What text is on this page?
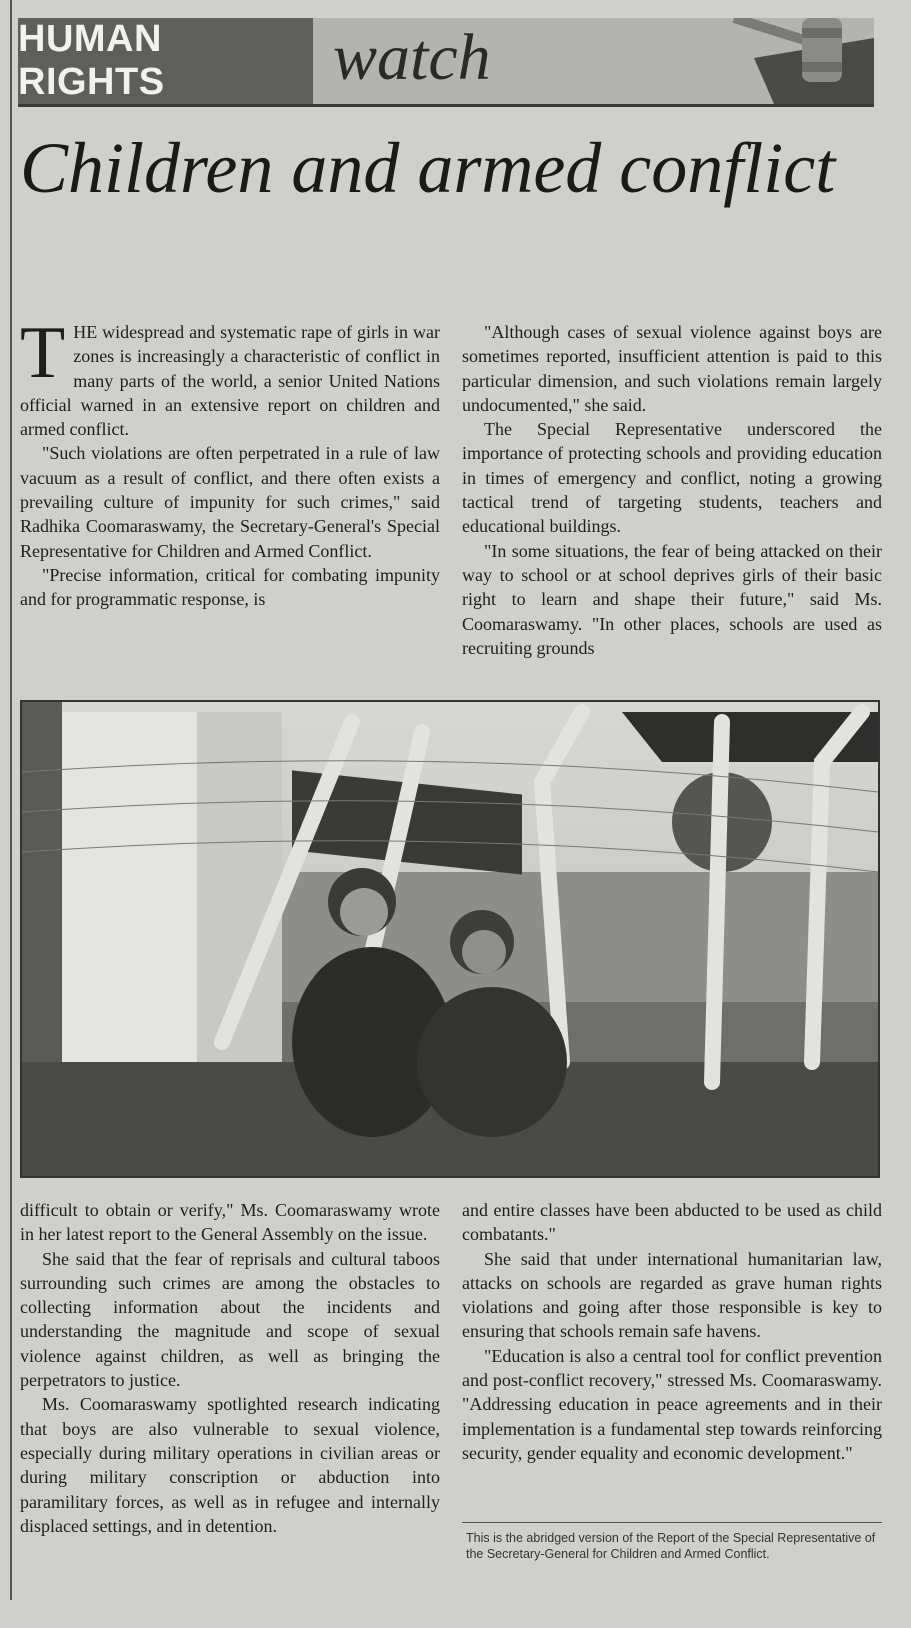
HUMAN RIGHTS	watch
Children and armed conflict

THE widespread and systematic rape of girls in war zones is increasingly a characteristic of conflict in many parts of the world, a senior United Nations official warned in an extensive report on children and armed conflict.

"Such violations are often perpetrated in a rule of law vacuum as a result of conflict, and there often exists a prevailing culture of impunity for such crimes," said Radhika Coomaraswamy, the Secretary-General's Special Representative for Children and Armed Conflict.

"Precise information, critical for combating impunity and for programmatic response, is

"Although cases of sexual violence against boys are sometimes reported, insufficient attention is paid to this particular dimension, and such violations remain largely undocumented," she said.

The Special Representative underscored the importance of protecting schools and providing education in times of emergency and conflict, noting a growing tactical trend of targeting students, teachers and educational buildings.

"In some situations, the fear of being attacked on their way to school or at school deprives girls of their basic right to learn and shape their future," said Ms. Coomaraswamy. "In other places, schools are used as recruiting grounds

difficult to obtain or verify," Ms. Coomaraswamy wrote in her latest report to the General Assembly on the issue.

She said that the fear of reprisals and cultural taboos surrounding such crimes are among the obstacles to collecting information about the incidents and understanding the magnitude and scope of sexual violence against children, as well as bringing the perpetrators to justice.

Ms. Coomaraswamy spotlighted research indicating that boys are also vulnerable to sexual violence, especially during military operations in civilian areas or during military conscription or abduction into paramilitary forces, as well as in refugee and internally displaced settings, and in detention.

and entire classes have been abducted to be used as child combatants."

She said that under international humanitarian law, attacks on schools are regarded as grave human rights violations and going after those responsible is key to ensuring that schools remain safe havens.

"Education is also a central tool for conflict prevention and post-conflict recovery," stressed Ms. Coomaraswamy. "Addressing education in peace agreements and in their implementation is a fundamental step towards reinforcing security, gender equality and economic development."

This is the abridged version of the Report of the Special Representative of the Secretary-General for Children and Armed Conflict.
